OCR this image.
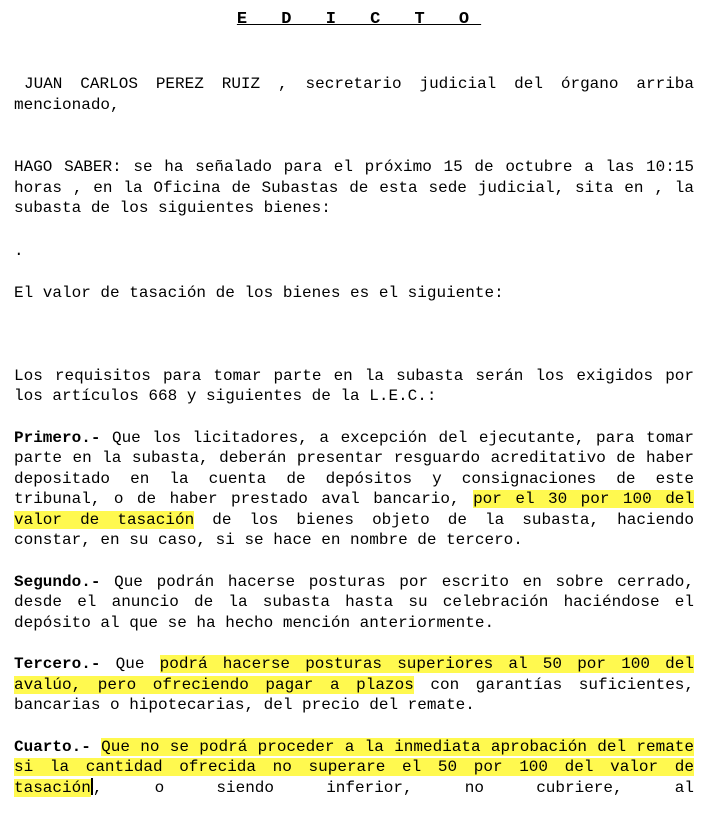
E D I C T O

JUAN CARLOS PEREZ RUIZ , secretario judicial del órgano arriba mencionado,

HAGO SABER: se ha señalado para el próximo 15 de octubre a las 10:15 horas , en la Oficina de Subastas de esta sede judicial, sita en , la subasta de los siguientes bienes:

.

El valor de tasación de los bienes es el siguiente:

Los requisitos para tomar parte en la subasta serán los exigidos por los artículos 668 y siguientes de la L.E.C.:

Primero.- Que los licitadores, a excepción del ejecutante, para tomar parte en la subasta, deberán presentar resguardo acreditativo de haber depositado en la cuenta de depósitos y consignaciones de este tribunal, o de haber prestado aval bancario, por el 30 por 100 del valor de tasación de los bienes objeto de la subasta, haciendo constar, en su caso, si se hace en nombre de tercero.

Segundo.- Que podrán hacerse posturas por escrito en sobre cerrado, desde el anuncio de la subasta hasta su celebración haciéndose el depósito al que se ha hecho mención anteriormente.

Tercero.- Que podrá hacerse posturas superiores al 50 por 100 del avalúo, pero ofreciendo pagar a plazos con garantías suficientes, bancarias o hipotecarias, del precio del remate.

Cuarto.- Que no se podrá proceder a la inmediata aprobación del remate si la cantidad ofrecida no superare el 50 por 100 del valor de tasación , o siendo inferior, no cubriere, al
